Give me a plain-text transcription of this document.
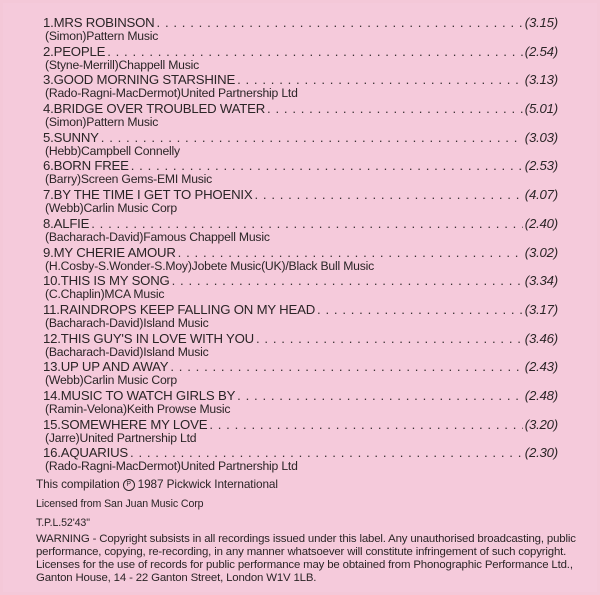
1.MRS ROBINSON . . .	(3.15)
(Simon)Pattern Music
2.PEOPLE . . .	(2.54)
(Styne-Merrill)Chappell Music
3.GOOD MORNING STARSHINE . . .	(3.13)
(Rado-Ragni-MacDermot)United Partnership Ltd
4.BRIDGE OVER TROUBLED WATER . . .	(5.01)
(Simon)Pattern Music
5.SUNNY . . .	(3.03)
(Hebb)Campbell Connelly
6.BORN FREE . . .	(2.53)
(Barry)Screen Gems-EMI Music
7.BY THE TIME I GET TO PHOENIX . . .	(4.07)
(Webb)Carlin Music Corp
8.ALFIE . . .	(2.40)
(Bacharach-David)Famous Chappell Music
9.MY CHERIE AMOUR . . .	(3.02)
(H.Cosby-S.Wonder-S.Moy)Jobete Music(UK)/Black Bull Music
10.THIS IS MY SONG . . .	(3.34)
(C.Chaplin)MCA Music
11.RAINDROPS KEEP FALLING ON MY HEAD . . .	(3.17)
(Bacharach-David)Island Music
12.THIS GUY'S IN LOVE WITH YOU . . .	(3.46)
(Bacharach-David)Island Music
13.UP UP AND AWAY . . .	(2.43)
(Webb)Carlin Music Corp
14.MUSIC TO WATCH GIRLS BY . . .	(2.48)
(Ramin-Velona)Keith Prowse Music
15.SOMEWHERE MY LOVE . . .	(3.20)
(Jarre)United Partnership Ltd
16.AQUARIUS . . .	(2.30)
(Rado-Ragni-MacDermot)United Partnership Ltd
This compilation P 1987 Pickwick International
Licensed from San Juan Music Corp
T.P.L.52'43"
WARNING - Copyright subsists in all recordings issued under this label. Any unauthorised broadcasting, public
performance, copying, re-recording, in any manner whatsoever will constitute infringement of such copyright.
Licenses for the use of records for public performance may be obtained from Phonographic Performance Ltd.,
Ganton House, 14 - 22 Ganton Street, London W1V 1LB.
